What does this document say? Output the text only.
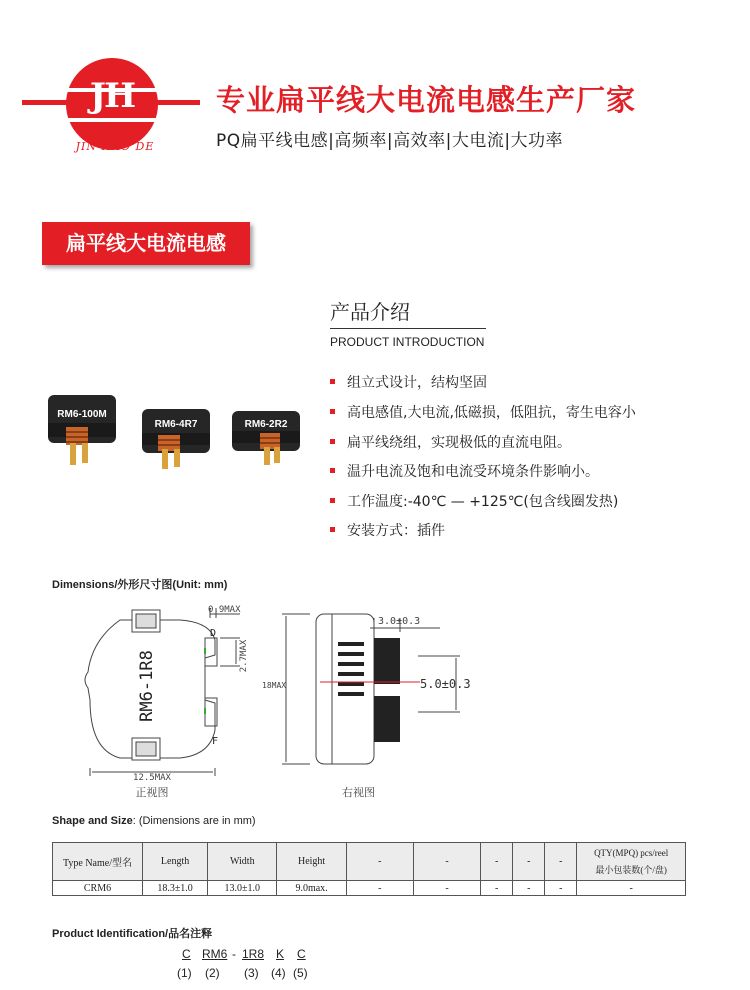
JH
JIN HAO DE
专业扁平线大电流电感生产厂家
PQ扁平线电感|高频率|高效率|大电流|大功率
扁平线大电流电感
RM6-100M
RM6-4R7	RM6-2R2
产品介绍
PRODUCT INTRODUCTION
组立式设计，结构坚固
高电感值,大电流,低磁损，低阻抗，寄生电容小
扁平线绕组，实现极低的直流电阻。
温升电流及饱和电流受环境条件影响小。
工作温度:-40℃ — +125℃(包含线圈发热)
安装方式：插件
Dimensions/外形尺寸图(Unit: mm)
RM6-1R8
0.9MAX
2.7MAX
D
F
12.5MAX
正视图
3.0±0.3
5.0±0.3
18MAX
右视图
Shape and Size: (Dimensions are in mm)
Type Name/型名	Length	Width	Height	-	-	-	-	-	QTY(MPQ) pcs/reel
最小包装数(个/盘)

CRM6	18.3±1.0	13.0±1.0	9.0max.	-	-	-	-	-	-
Product Identification/品名注释
C RM6 - 1R8 K C
(1) (2) (3) (4) (5)
